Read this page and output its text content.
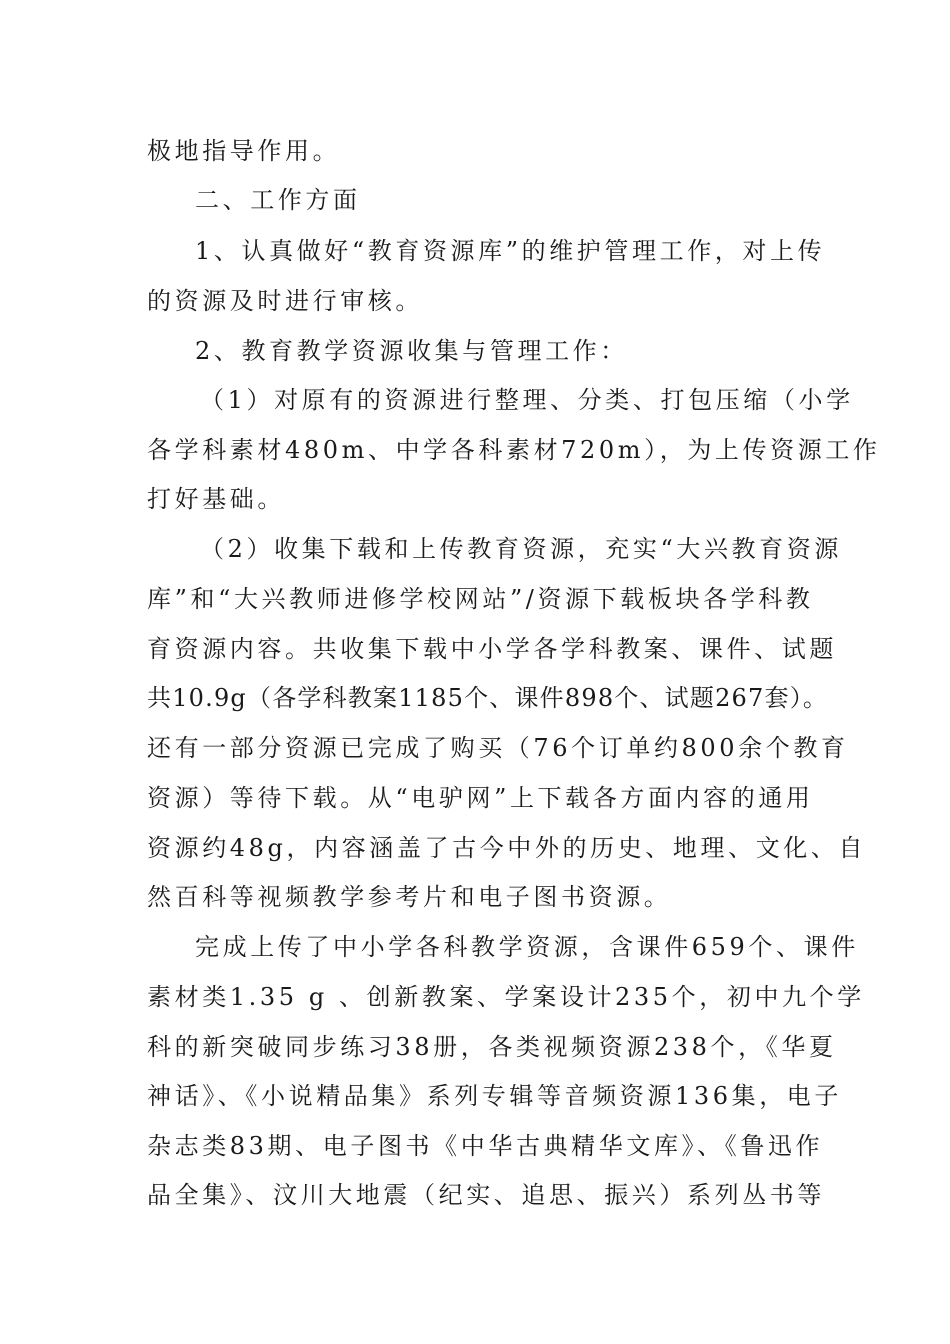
极地指导作用。
二、工作方面
1、认真做好“教育资源库”的维护管理工作，对上传
的资源及时进行审核。
2、教育教学资源收集与管理工作：
（1）对原有的资源进行整理、分类、打包压缩（小学
各学科素材480m、中学各科素材720m），为上传资源工作
打好基础。
（2）收集下载和上传教育资源，充实“大兴教育资源
库”和“大兴教师进修学校网站”/资源下载板块各学科教
育资源内容。共收集下载中小学各学科教案、课件、试题
共10.9g（各学科教案1185个、课件898个、试题267套）。
还有一部分资源已完成了购买（76个订单约800余个教育
资源）等待下载。从“电驴网”上下载各方面内容的通用
资源约48g，内容涵盖了古今中外的历史、地理、文化、自
然百科等视频教学参考片和电子图书资源。
完成上传了中小学各科教学资源，含课件659个、课件
素材类1.35 g 、创新教案、学案设计235个，初中九个学
科的新突破同步练习38册，各类视频资源238个，《华夏
神话》、《小说精品集》系列专辑等音频资源136集，电子
杂志类83期、电子图书《中华古典精华文库》、《鲁迅作
品全集》、汶川大地震（纪实、追思、振兴）系列丛书等
